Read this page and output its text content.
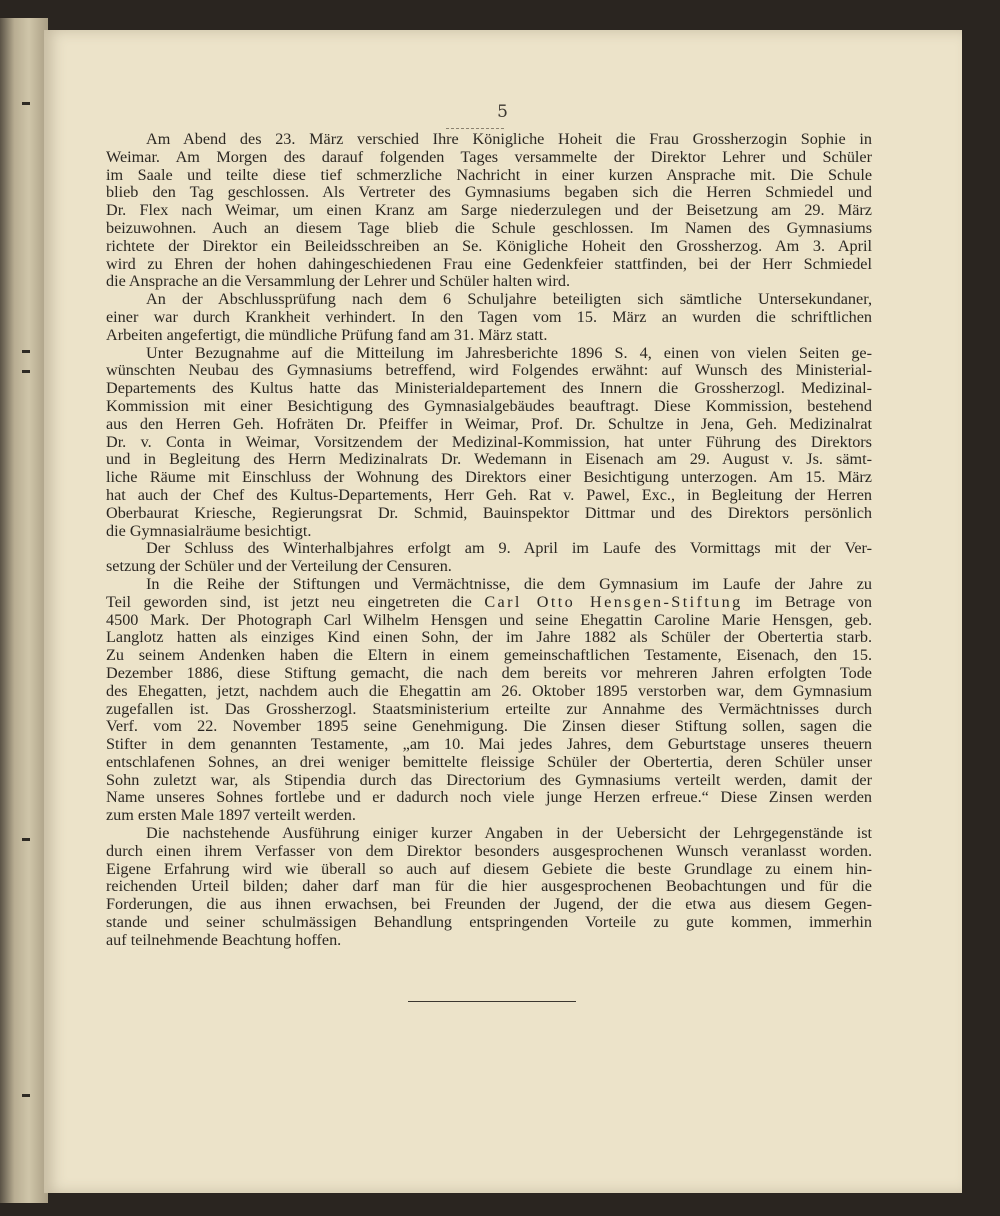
5
Am Abend des 23. März verschied Ihre Königliche Hoheit die Frau Grossherzogin Sophie in
Weimar. Am Morgen des darauf folgenden Tages versammelte der Direktor Lehrer und Schüler
im Saale und teilte diese tief schmerzliche Nachricht in einer kurzen Ansprache mit. Die Schule
blieb den Tag geschlossen. Als Vertreter des Gymnasiums begaben sich die Herren Schmiedel und
Dr. Flex nach Weimar, um einen Kranz am Sarge niederzulegen und der Beisetzung am 29. März
beizuwohnen. Auch an diesem Tage blieb die Schule geschlossen. Im Namen des Gymnasiums
richtete der Direktor ein Beileidsschreiben an Se. Königliche Hoheit den Grossherzog. Am 3. April
wird zu Ehren der hohen dahingeschiedenen Frau eine Gedenkfeier stattfinden, bei der Herr Schmiedel
die Ansprache an die Versammlung der Lehrer und Schüler halten wird.
An der Abschlussprüfung nach dem 6 Schuljahre beteiligten sich sämtliche Untersekundaner,
einer war durch Krankheit verhindert. In den Tagen vom 15. März an wurden die schriftlichen
Arbeiten angefertigt, die mündliche Prüfung fand am 31. März statt.
Unter Bezugnahme auf die Mitteilung im Jahresberichte 1896 S. 4, einen von vielen Seiten ge-
wünschten Neubau des Gymnasiums betreffend, wird Folgendes erwähnt: auf Wunsch des Ministerial-
Departements des Kultus hatte das Ministerialdepartement des Innern die Grossherzogl. Medizinal-
Kommission mit einer Besichtigung des Gymnasialgebäudes beauftragt. Diese Kommission, bestehend
aus den Herren Geh. Hofräten Dr. Pfeiffer in Weimar, Prof. Dr. Schultze in Jena, Geh. Medizinalrat
Dr. v. Conta in Weimar, Vorsitzendem der Medizinal-Kommission, hat unter Führung des Direktors
und in Begleitung des Herrn Medizinalrats Dr. Wedemann in Eisenach am 29. August v. Js. sämt-
liche Räume mit Einschluss der Wohnung des Direktors einer Besichtigung unterzogen. Am 15. März
hat auch der Chef des Kultus-Departements, Herr Geh. Rat v. Pawel, Exc., in Begleitung der Herren
Oberbaurat Kriesche, Regierungsrat Dr. Schmid, Bauinspektor Dittmar und des Direktors persönlich
die Gymnasialräume besichtigt.
Der Schluss des Winterhalbjahres erfolgt am 9. April im Laufe des Vormittags mit der Ver-
setzung der Schüler und der Verteilung der Censuren.
In die Reihe der Stiftungen und Vermächtnisse, die dem Gymnasium im Laufe der Jahre zu
Teil geworden sind, ist jetzt neu eingetreten die Carl Otto Hensgen-Stiftung im Betrage von
4500 Mark. Der Photograph Carl Wilhelm Hensgen und seine Ehegattin Caroline Marie Hensgen, geb.
Langlotz hatten als einziges Kind einen Sohn, der im Jahre 1882 als Schüler der Obertertia starb.
Zu seinem Andenken haben die Eltern in einem gemeinschaftlichen Testamente, Eisenach, den 15.
Dezember 1886, diese Stiftung gemacht, die nach dem bereits vor mehreren Jahren erfolgten Tode
des Ehegatten, jetzt, nachdem auch die Ehegattin am 26. Oktober 1895 verstorben war, dem Gymnasium
zugefallen ist. Das Grossherzogl. Staatsministerium erteilte zur Annahme des Vermächtnisses durch
Verf. vom 22. November 1895 seine Genehmigung. Die Zinsen dieser Stiftung sollen, sagen die
Stifter in dem genannten Testamente, „am 10. Mai jedes Jahres, dem Geburtstage unseres theuern
entschlafenen Sohnes, an drei weniger bemittelte fleissige Schüler der Obertertia, deren Schüler unser
Sohn zuletzt war, als Stipendia durch das Directorium des Gymnasiums verteilt werden, damit der
Name unseres Sohnes fortlebe und er dadurch noch viele junge Herzen erfreue.“ Diese Zinsen werden
zum ersten Male 1897 verteilt werden.
Die nachstehende Ausführung einiger kurzer Angaben in der Uebersicht der Lehrgegenstände ist
durch einen ihrem Verfasser von dem Direktor besonders ausgesprochenen Wunsch veranlasst worden.
Eigene Erfahrung wird wie überall so auch auf diesem Gebiete die beste Grundlage zu einem hin-
reichenden Urteil bilden; daher darf man für die hier ausgesprochenen Beobachtungen und für die
Forderungen, die aus ihnen erwachsen, bei Freunden der Jugend, der die etwa aus diesem Gegen-
stande und seiner schulmässigen Behandlung entspringenden Vorteile zu gute kommen, immerhin
auf teilnehmende Beachtung hoffen.
